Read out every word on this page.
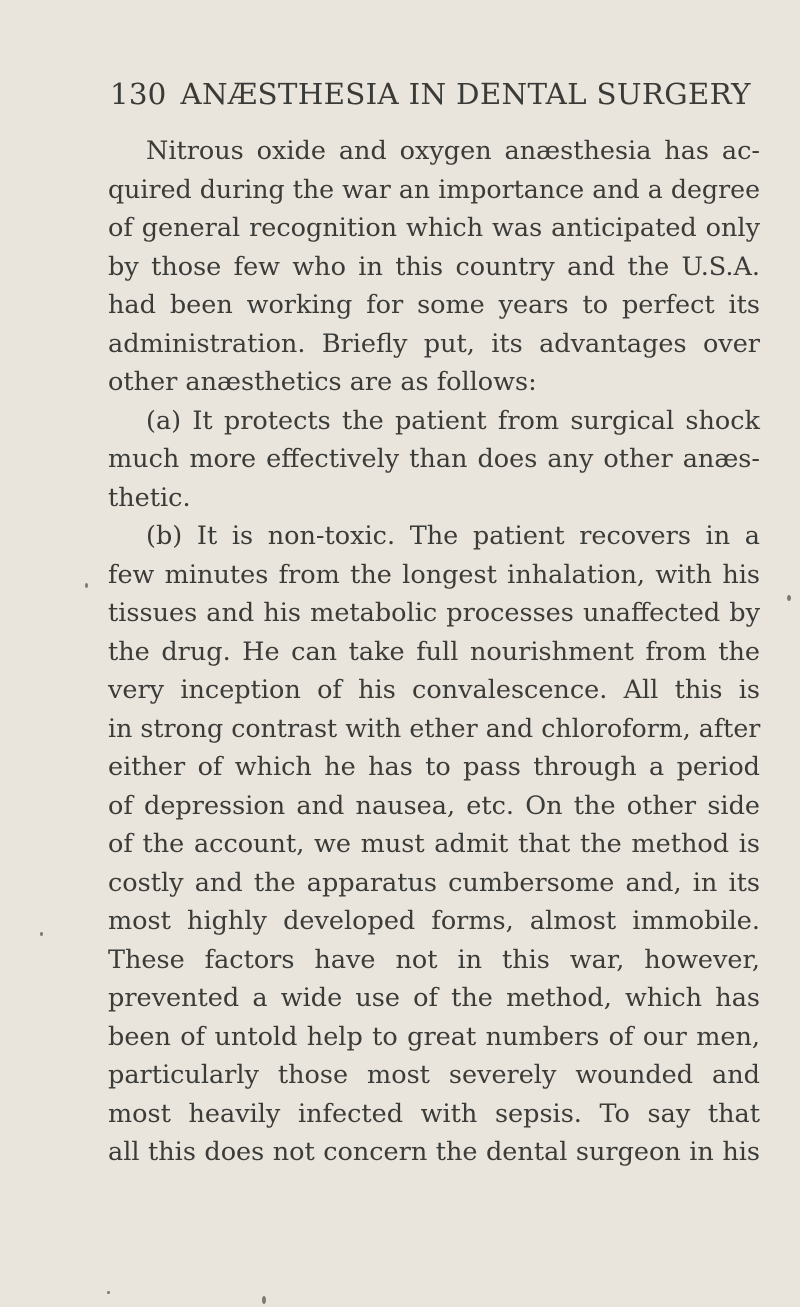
130 ANÆSTHESIA IN DENTAL SURGERY
Nitrous oxide and oxygen anæsthesia has ac-
quired during the war an importance and a degree
of general recognition which was anticipated only
by those few who in this country and the U.S.A.
had been working for some years to perfect its
administration. Briefly put, its advantages over
other anæsthetics are as follows:
(a) It protects the patient from surgical shock
much more effectively than does any other anæs-
thetic.
(b) It is non-toxic. The patient recovers in a
few minutes from the longest inhalation, with his
tissues and his metabolic processes unaffected by
the drug. He can take full nourishment from the
very inception of his convalescence. All this is
in strong contrast with ether and chloroform, after
either of which he has to pass through a period
of depression and nausea, etc. On the other side
of the account, we must admit that the method is
costly and the apparatus cumbersome and, in its
most highly developed forms, almost immobile.
These factors have not in this war, however,
prevented a wide use of the method, which has
been of untold help to great numbers of our men,
particularly those most severely wounded and
most heavily infected with sepsis. To say that
all this does not concern the dental surgeon in his
